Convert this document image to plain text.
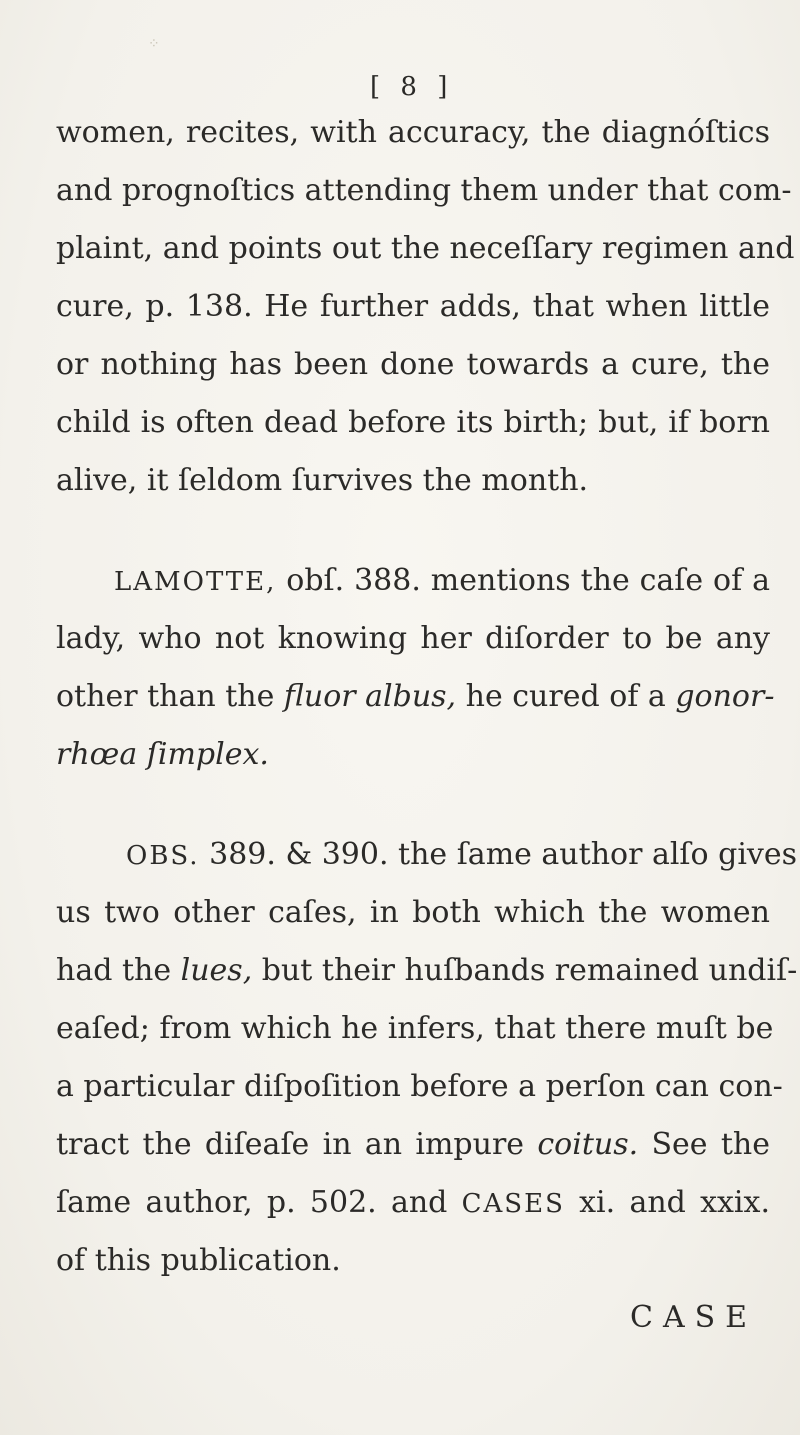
⁘
[ 8 ]
women, recites, with accuracy, the diagnóſtics
and prognoſtics attending them under that com-
plaint, and points out the neceſſary regimen and
cure, p. 138. He further adds, that when little
or nothing has been done towards a cure, the
child is often dead before its birth; but, if born
alive, it ſeldom ſurvives the month.
LAMOTTE, obſ. 388. mentions the caſe of a
lady, who not knowing her diſorder to be any
other than the fluor albus, he cured of a gonor-
rhœa ſimplex.
OBS. 389. & 390. the ſame author alſo gives
us two other caſes, in both which the women
had the lues, but their huſbands remained undiſ-
eaſed; from which he infers, that there muſt be
a particular diſpoſition before a perſon can con-
tract the diſeaſe in an impure coitus. See the
ſame author, p. 502. and CASES xi. and xxix.
of this publication.
CASE
